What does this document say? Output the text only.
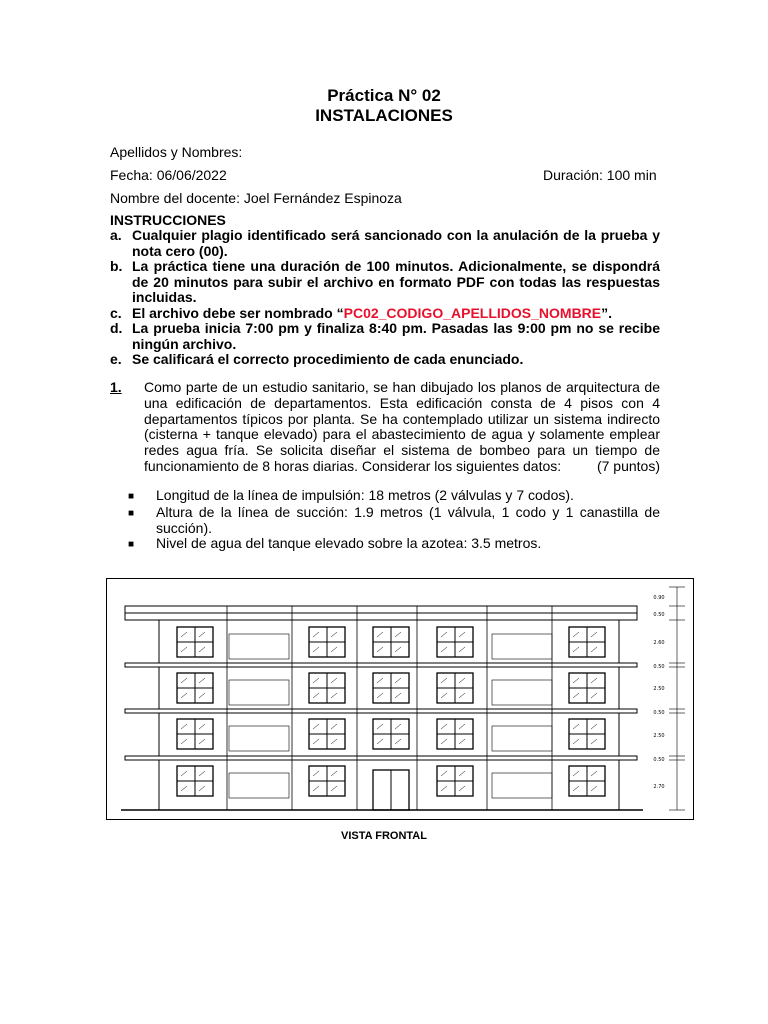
Práctica N° 02
INSTALACIONES
Apellidos y Nombres:
Fecha: 06/06/2022	Duración: 100 min
Nombre del docente: Joel Fernández Espinoza
INSTRUCCIONES
a. Cualquier plagio identificado será sancionado con la anulación de la prueba y nota cero (00).
b. La práctica tiene una duración de 100 minutos. Adicionalmente, se dispondrá de 20 minutos para subir el archivo en formato PDF con todas las respuestas incluidas.
c. El archivo debe ser nombrado “PC02_CODIGO_APELLIDOS_NOMBRE”.
d. La prueba inicia 7:00 pm y finaliza 8:40 pm. Pasadas las 9:00 pm no se recibe ningún archivo.
e. Se calificará el correcto procedimiento de cada enunciado.
1.	Como parte de un estudio sanitario, se han dibujado los planos de arquitectura de una edificación de departamentos. Esta edificación consta de 4 pisos con 4 departamentos típicos por planta. Se ha contemplado utilizar un sistema indirecto (cisterna + tanque elevado) para el abastecimiento de agua y solamente emplear redes agua fría. Se solicita diseñar el sistema de bombeo para un tiempo de funcionamiento de 8 horas diarias. Considerar los siguientes datos:	(7 puntos)
■	Longitud de la línea de impulsión: 18 metros (2 válvulas y 7 codos).
■	Altura de la línea de succión: 1.9 metros (1 válvula, 1 codo y 1 canastilla de succión).
■	Nivel de agua del tanque elevado sobre la azotea: 3.5 metros.
0.90
0.50
2.60
0.50
2.50
0.50
2.50
0.50
2.70
VISTA FRONTAL
